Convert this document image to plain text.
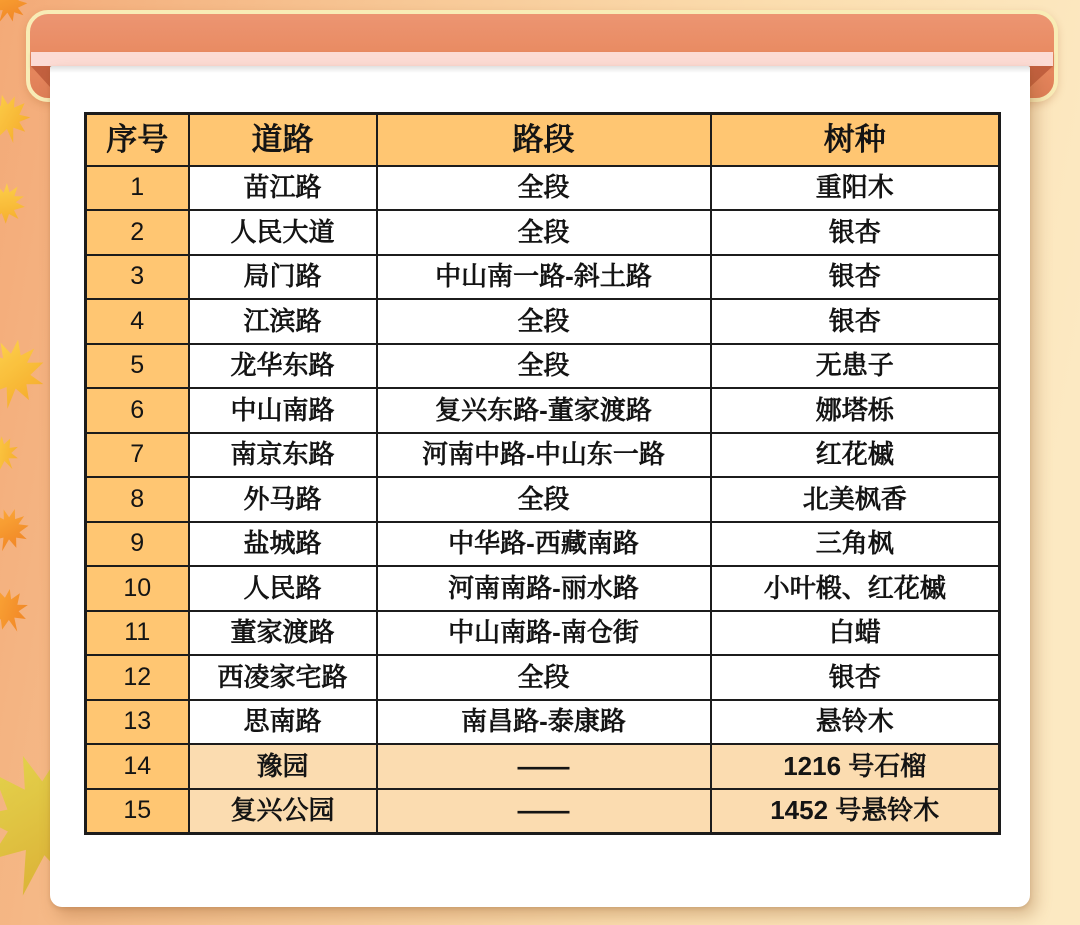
序号	道路	路段	树种
1	苗江路	全段	重阳木
2	人民大道	全段	银杏
3	局门路	中山南一路-斜土路	银杏
4	江滨路	全段	银杏
5	龙华东路	全段	无患子
6	中山南路	复兴东路-董家渡路	娜塔栎
7	南京东路	河南中路-中山东一路	红花槭
8	外马路	全段	北美枫香
9	盐城路	中华路-西藏南路	三角枫
10	人民路	河南南路-丽水路	小叶椴、红花槭
11	董家渡路	中山南路-南仓街	白蜡
12	西凌家宅路	全段	银杏
13	思南路	南昌路-泰康路	悬铃木
14	豫园	——	1216 号石榴
15	复兴公园	——	1452 号悬铃木
